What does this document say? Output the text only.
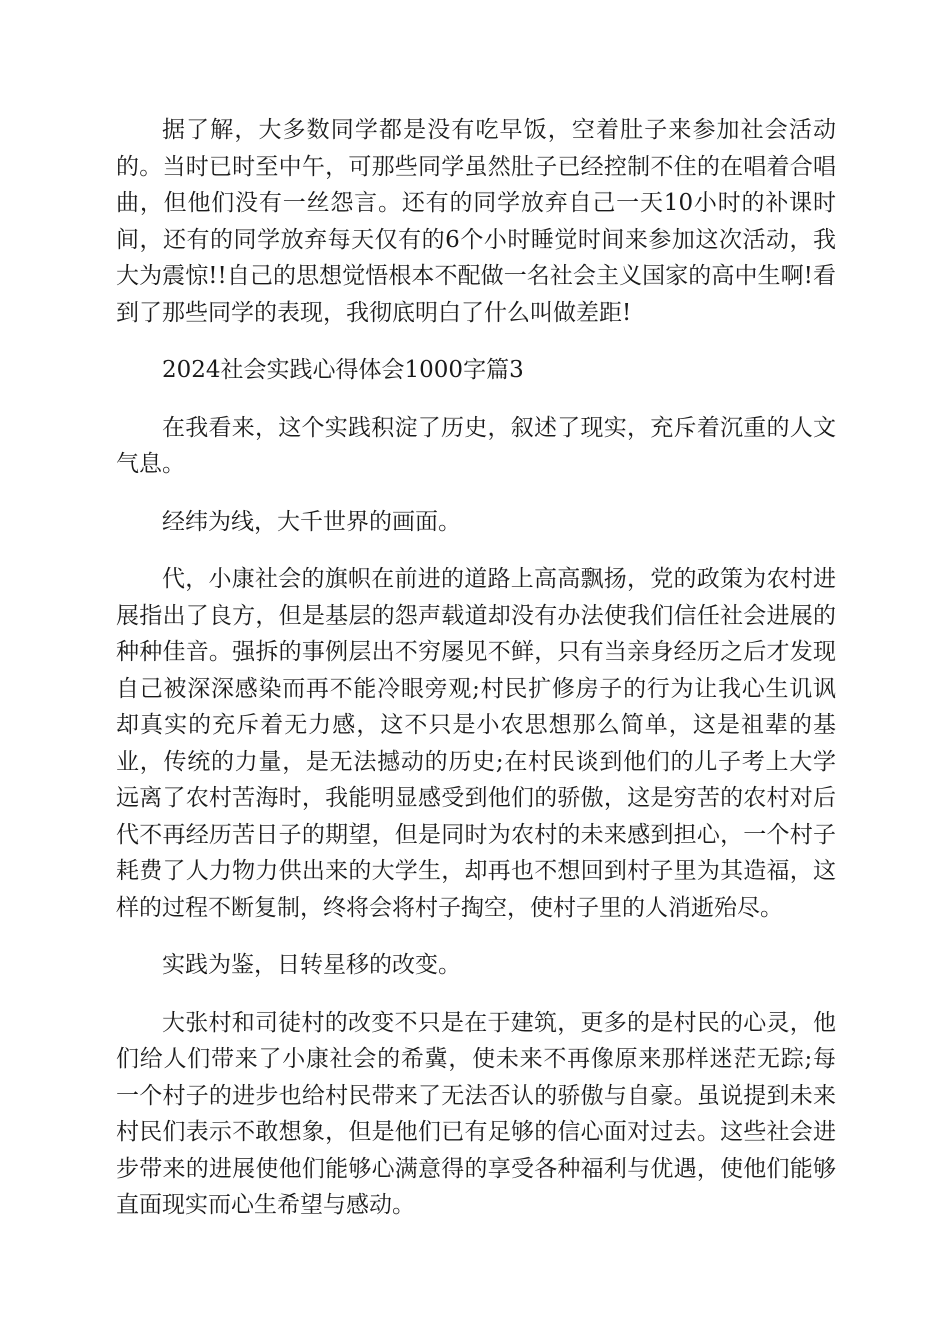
据了解，大多数同学都是没有吃早饭，空着肚子来参加社会活动的。当时已时至中午，可那些同学虽然肚子已经控制不住的在唱着合唱曲，但他们没有一丝怨言。还有的同学放弃自己一天10小时的补课时间，还有的同学放弃每天仅有的6个小时睡觉时间来参加这次活动，我大为震惊!!自己的思想觉悟根本不配做一名社会主义国家的高中生啊!看到了那些同学的表现，我彻底明白了什么叫做差距!

2024社会实践心得体会1000字篇3

在我看来，这个实践积淀了历史，叙述了现实，充斥着沉重的人文气息。

经纬为线，大千世界的画面。

代，小康社会的旗帜在前进的道路上高高飘扬，党的政策为农村进展指出了良方，但是基层的怨声载道却没有办法使我们信任社会进展的种种佳音。强拆的事例层出不穷屡见不鲜，只有当亲身经历之后才发现自己被深深感染而再不能冷眼旁观;村民扩修房子的行为让我心生讥讽却真实的充斥着无力感，这不只是小农思想那么简单，这是祖辈的基业，传统的力量，是无法撼动的历史;在村民谈到他们的儿子考上大学远离了农村苦海时，我能明显感受到他们的骄傲，这是穷苦的农村对后代不再经历苦日子的期望，但是同时为农村的未来感到担心，一个村子耗费了人力物力供出来的大学生，却再也不想回到村子里为其造福，这样的过程不断复制，终将会将村子掏空，使村子里的人消逝殆尽。

实践为鉴，日转星移的改变。

大张村和司徒村的改变不只是在于建筑，更多的是村民的心灵，他们给人们带来了小康社会的希冀，使未来不再像原来那样迷茫无踪;每一个村子的进步也给村民带来了无法否认的骄傲与自豪。虽说提到未来村民们表示不敢想象，但是他们已有足够的信心面对过去。这些社会进步带来的进展使他们能够心满意得的享受各种福利与优遇，使他们能够直面现实而心生希望与感动。
